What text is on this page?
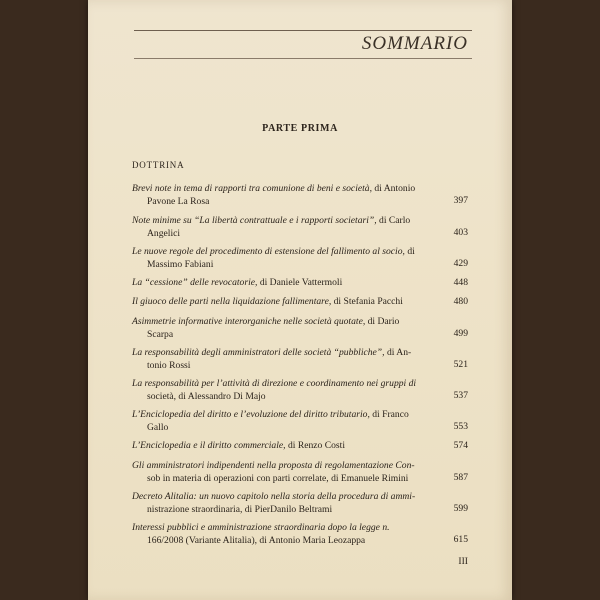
SOMMARIO
PARTE PRIMA
DOTTRINA
Brevi note in tema di rapporti tra comunione di beni e società, di Antonio
Pavone La Rosa	397
Note minime su “La libertà contrattuale e i rapporti societari”, di Carlo
Angelici	403
Le nuove regole del procedimento di estensione del fallimento al socio, di
Massimo Fabiani	429
La “cessione” delle revocatorie, di Daniele Vattermoli	448
Il giuoco delle parti nella liquidazione fallimentare, di Stefania Pacchi	480
Asimmetrie informative interorganiche nelle società quotate, di Dario
Scarpa	499
La responsabilità degli amministratori delle società “pubbliche”, di An-
tonio Rossi	521
La responsabilità per l’attività di direzione e coordinamento nei gruppi di
società, di Alessandro Di Majo	537
L’Enciclopedia del diritto e l’evoluzione del diritto tributario, di Franco
Gallo	553
L’Enciclopedia e il diritto commerciale, di Renzo Costi	574
Gli amministratori indipendenti nella proposta di regolamentazione Con-
sob in materia di operazioni con parti correlate, di Emanuele Rimini	587
Decreto Alitalia: un nuovo capitolo nella storia della procedura di ammi-
nistrazione straordinaria, di PierDanilo Beltrami	599
Interessi pubblici e amministrazione straordinaria dopo la legge n.
166/2008 (Variante Alitalia), di Antonio Maria Leozappa	615
III
